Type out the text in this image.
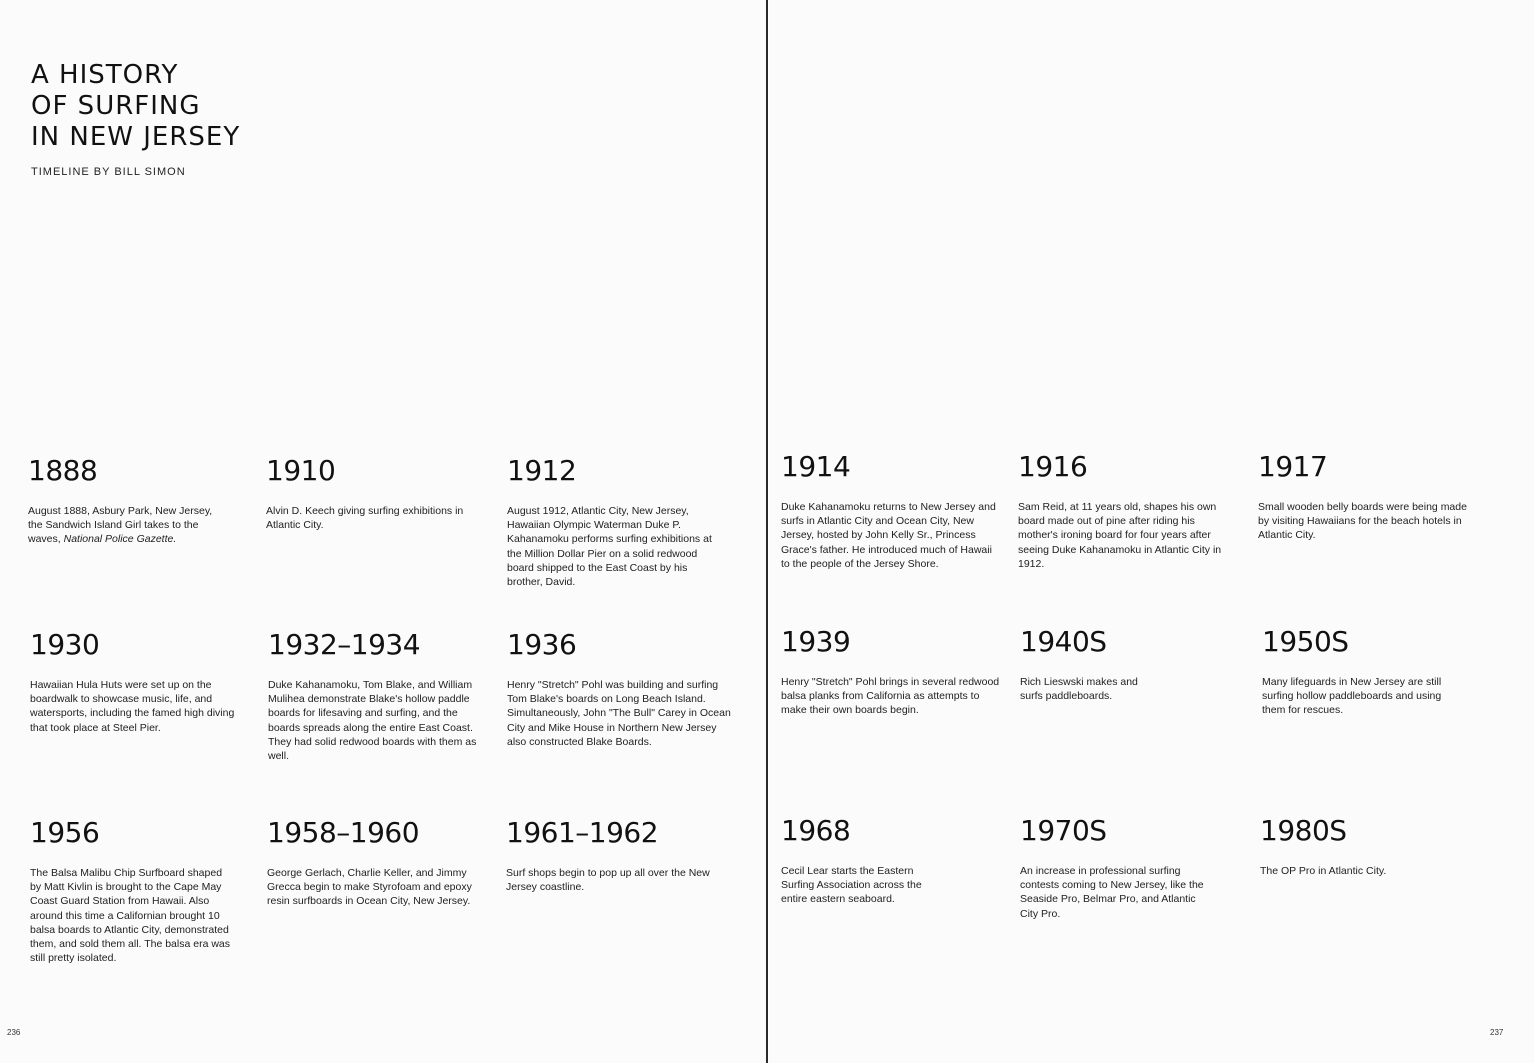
A HISTORY
OF SURFING
IN NEW JERSEY
TIMELINE BY BILL SIMON
1888
August 1888, Asbury Park, New Jersey, the Sandwich Island Girl takes to the waves, National Police Gazette.
1910
Alvin D. Keech giving surfing exhibitions in Atlantic City.
1912
August 1912, Atlantic City, New Jersey, Hawaiian Olympic Waterman Duke P. Kahanamoku performs surfing exhibitions at the Million Dollar Pier on a solid redwood board shipped to the East Coast by his brother, David.
1930
Hawaiian Hula Huts were set up on the boardwalk to showcase music, life, and watersports, including the famed high diving that took place at Steel Pier.
1932–1934
Duke Kahanamoku, Tom Blake, and William Mulihea demonstrate Blake's hollow paddle boards for lifesaving and surfing, and the boards spreads along the entire East Coast. They had solid redwood boards with them as well.
1936
Henry "Stretch" Pohl was building and surfing Tom Blake's boards on Long Beach Island. Simultaneously, John "The Bull" Carey in Ocean City and Mike House in Northern New Jersey also constructed Blake Boards.
1956
The Balsa Malibu Chip Surfboard shaped by Matt Kivlin is brought to the Cape May Coast Guard Station from Hawaii. Also around this time a Californian brought 10 balsa boards to Atlantic City, demonstrated them, and sold them all. The balsa era was still pretty isolated.
1958–1960
George Gerlach, Charlie Keller, and Jimmy Grecca begin to make Styrofoam and epoxy resin surfboards in Ocean City, New Jersey.
1961–1962
Surf shops begin to pop up all over the New Jersey coastline.
236
1914
Duke Kahanamoku returns to New Jersey and surfs in Atlantic City and Ocean City, New Jersey, hosted by John Kelly Sr., Princess Grace's father. He introduced much of Hawaii to the people of the Jersey Shore.
1916
Sam Reid, at 11 years old, shapes his own board made out of pine after riding his mother's ironing board for four years after seeing Duke Kahanamoku in Atlantic City in 1912.
1917
Small wooden belly boards were being made by visiting Hawaiians for the beach hotels in Atlantic City.
1939
Henry "Stretch" Pohl brings in several redwood balsa planks from California as attempts to make their own boards begin.
1940S
Rich Lieswski makes and surfs paddleboards.
1950S
Many lifeguards in New Jersey are still surfing hollow paddleboards and using them for rescues.
1968
Cecil Lear starts the Eastern Surfing Association across the entire eastern seaboard.
1970S
An increase in professional surfing contests coming to New Jersey, like the Seaside Pro, Belmar Pro, and Atlantic City Pro.
1980S
The OP Pro in Atlantic City.
237
